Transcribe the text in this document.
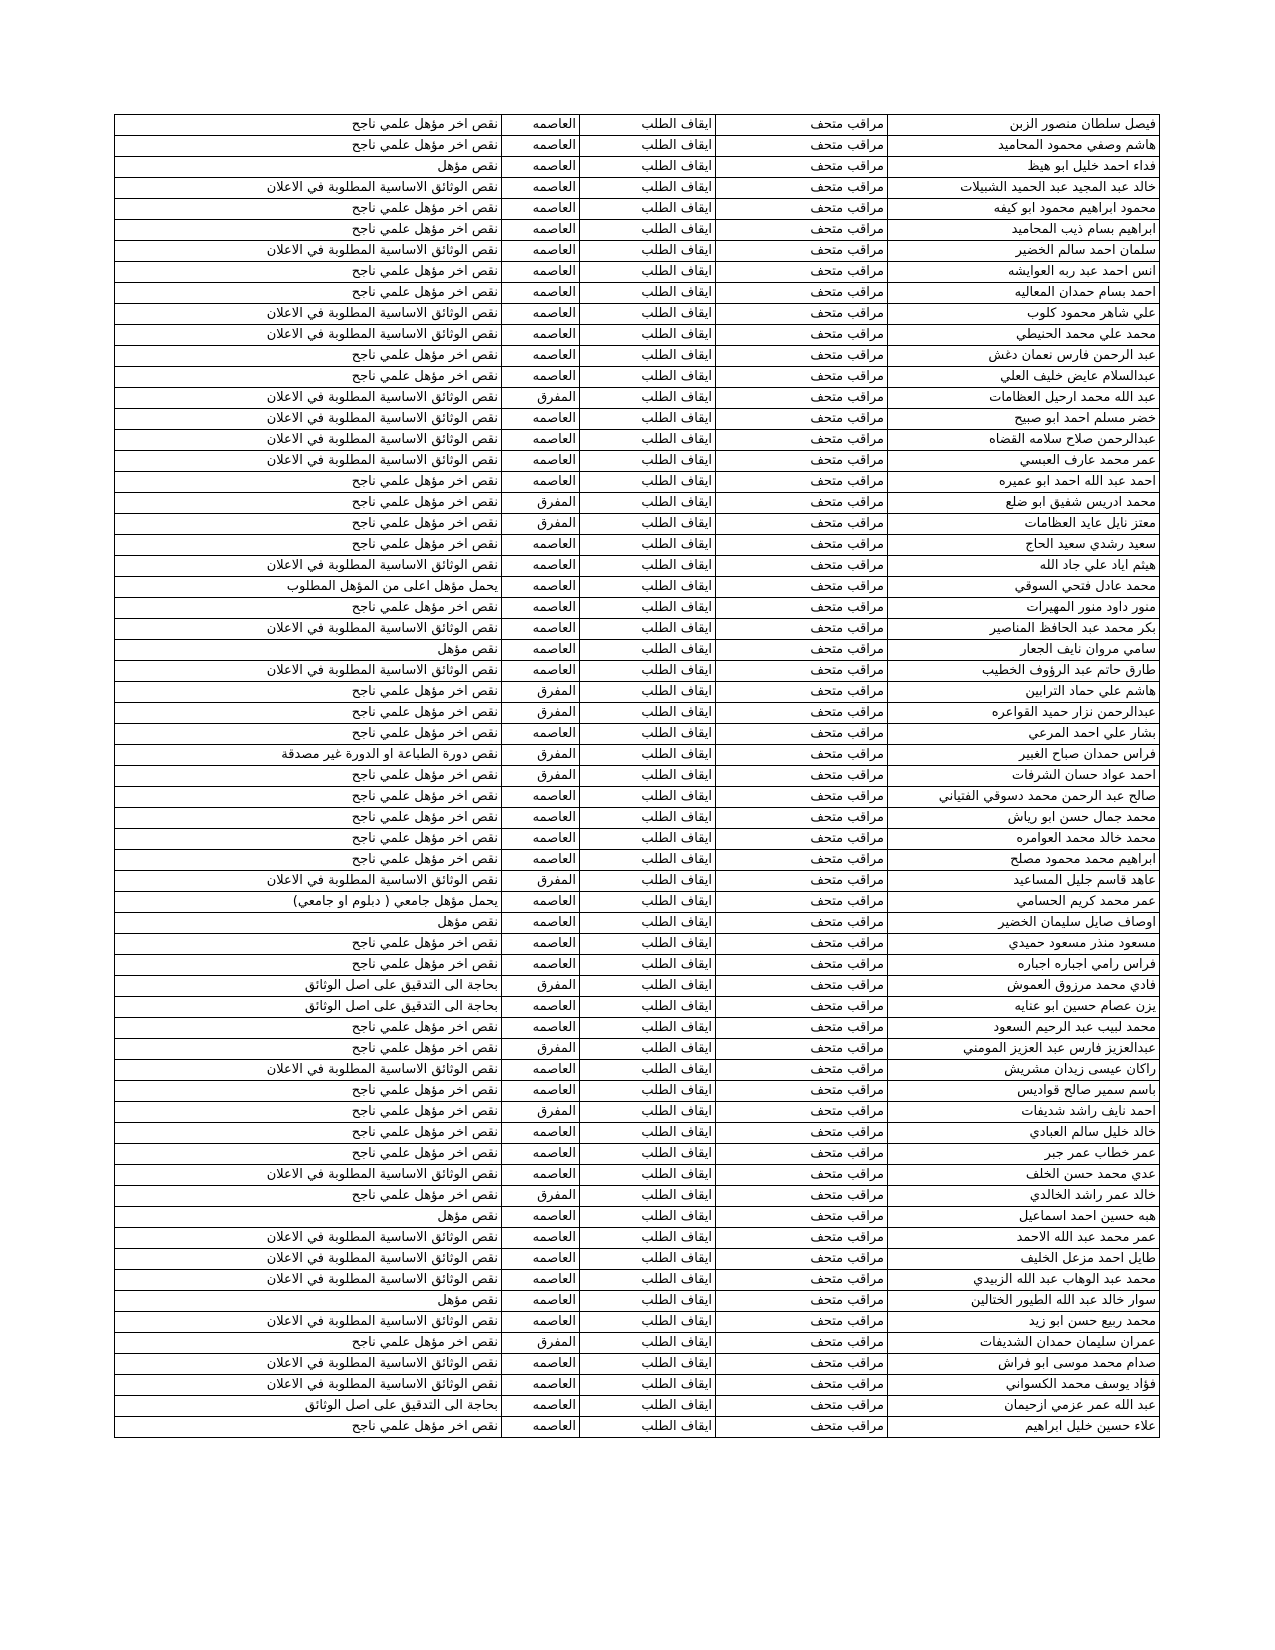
فيصل سلطان منصور الزبن	مراقب متحف	ايقاف الطلب	العاصمه	نقص اخر مؤهل علمي ناجح
هاشم وصفي محمود المحاميد	مراقب متحف	ايقاف الطلب	العاصمه	نقص اخر مؤهل علمي ناجح
فداء احمد خليل ابو هيظ	مراقب متحف	ايقاف الطلب	العاصمه	نقص مؤهل
خالد عبد المجيد عبد الحميد الشبيلات	مراقب متحف	ايقاف الطلب	العاصمه	نقص الوثائق الاساسية المطلوبة في الاعلان
محمود ابراهيم محمود ابو كيفه	مراقب متحف	ايقاف الطلب	العاصمه	نقص اخر مؤهل علمي ناجح
ابراهيم بسام ذيب المحاميد	مراقب متحف	ايقاف الطلب	العاصمه	نقص اخر مؤهل علمي ناجح
سلمان احمد سالم الخضير	مراقب متحف	ايقاف الطلب	العاصمه	نقص الوثائق الاساسية المطلوبة في الاعلان
انس احمد عبد ربه العوايشه	مراقب متحف	ايقاف الطلب	العاصمه	نقص اخر مؤهل علمي ناجح
احمد بسام حمدان المعاليه	مراقب متحف	ايقاف الطلب	العاصمه	نقص اخر مؤهل علمي ناجح
علي شاهر محمود كلوب	مراقب متحف	ايقاف الطلب	العاصمه	نقص الوثائق الاساسية المطلوبة في الاعلان
محمد علي محمد الحنيطي	مراقب متحف	ايقاف الطلب	العاصمه	نقص الوثائق الاساسية المطلوبة في الاعلان
عبد الرحمن فارس نعمان دغش	مراقب متحف	ايقاف الطلب	العاصمه	نقص اخر مؤهل علمي ناجح
عبدالسلام عايض خليف العلي	مراقب متحف	ايقاف الطلب	العاصمه	نقص اخر مؤهل علمي ناجح
عبد الله محمد ارحيل العظامات	مراقب متحف	ايقاف الطلب	المفرق	نقص الوثائق الاساسية المطلوبة في الاعلان
خضر مسلم احمد ابو صبيح	مراقب متحف	ايقاف الطلب	العاصمه	نقص الوثائق الاساسية المطلوبة في الاعلان
عبدالرحمن صلاح سلامه القضاه	مراقب متحف	ايقاف الطلب	العاصمه	نقص الوثائق الاساسية المطلوبة في الاعلان
عمر محمد عارف العبسي	مراقب متحف	ايقاف الطلب	العاصمه	نقص الوثائق الاساسية المطلوبة في الاعلان
احمد عبد الله احمد ابو عميره	مراقب متحف	ايقاف الطلب	العاصمه	نقص اخر مؤهل علمي ناجح
محمد ادريس شفيق ابو ضلع	مراقب متحف	ايقاف الطلب	المفرق	نقص اخر مؤهل علمي ناجح
معتز نايل عايد العظامات	مراقب متحف	ايقاف الطلب	المفرق	نقص اخر مؤهل علمي ناجح
سعيد رشدي سعيد الحاج	مراقب متحف	ايقاف الطلب	العاصمه	نقص اخر مؤهل علمي ناجح
هيثم اياد علي جاد الله	مراقب متحف	ايقاف الطلب	العاصمه	نقص الوثائق الاساسية المطلوبة في الاعلان
محمد عادل فتحي السوقي	مراقب متحف	ايقاف الطلب	العاصمه	يحمل مؤهل اعلى من المؤهل المطلوب
منور داود منور المهيرات	مراقب متحف	ايقاف الطلب	العاصمه	نقص اخر مؤهل علمي ناجح
بكر محمد عبد الحافظ المناصير	مراقب متحف	ايقاف الطلب	العاصمه	نقص الوثائق الاساسية المطلوبة في الاعلان
سامي مروان نايف الجعار	مراقب متحف	ايقاف الطلب	العاصمه	نقص مؤهل
طارق حاتم عبد الرؤوف الخطيب	مراقب متحف	ايقاف الطلب	العاصمه	نقص الوثائق الاساسية المطلوبة في الاعلان
هاشم علي حماد الترابين	مراقب متحف	ايقاف الطلب	المفرق	نقص اخر مؤهل علمي ناجح
عبدالرحمن نزار حميد القواعره	مراقب متحف	ايقاف الطلب	المفرق	نقص اخر مؤهل علمي ناجح
بشار علي احمد المرعي	مراقب متحف	ايقاف الطلب	العاصمه	نقص اخر مؤهل علمي ناجح
فراس حمدان صباح الغبير	مراقب متحف	ايقاف الطلب	المفرق	نقص دورة الطباعة او الدورة غير مصدقة
احمد عواد حسان الشرفات	مراقب متحف	ايقاف الطلب	المفرق	نقص اخر مؤهل علمي ناجح
صالح عبد الرحمن محمد دسوقي الفتياني	مراقب متحف	ايقاف الطلب	العاصمه	نقص اخر مؤهل علمي ناجح
محمد جمال حسن ابو رياش	مراقب متحف	ايقاف الطلب	العاصمه	نقص اخر مؤهل علمي ناجح
محمد خالد محمد العوامره	مراقب متحف	ايقاف الطلب	العاصمه	نقص اخر مؤهل علمي ناجح
ابراهيم محمد محمود مصلح	مراقب متحف	ايقاف الطلب	العاصمه	نقص اخر مؤهل علمي ناجح
عاهد قاسم جليل المساعيد	مراقب متحف	ايقاف الطلب	المفرق	نقص الوثائق الاساسية المطلوبة في الاعلان
عمر محمد كريم الحسامي	مراقب متحف	ايقاف الطلب	العاصمه	يحمل مؤهل جامعي ( دبلوم او جامعي)
اوصاف صايل سليمان الخضير	مراقب متحف	ايقاف الطلب	العاصمه	نقص مؤهل
مسعود منذر مسعود حميدي	مراقب متحف	ايقاف الطلب	العاصمه	نقص اخر مؤهل علمي ناجح
فراس رامي اجباره اجباره	مراقب متحف	ايقاف الطلب	العاصمه	نقص اخر مؤهل علمي ناجح
فادي محمد مرزوق العموش	مراقب متحف	ايقاف الطلب	المفرق	بحاجة الى التدقيق على اصل الوثائق
يزن عصام حسين ابو عنايه	مراقب متحف	ايقاف الطلب	العاصمه	بحاجة الى التدقيق على اصل الوثائق
محمد لبيب عبد الرحيم السعود	مراقب متحف	ايقاف الطلب	العاصمه	نقص اخر مؤهل علمي ناجح
عبدالعزيز فارس عبد العزيز المومني	مراقب متحف	ايقاف الطلب	المفرق	نقص اخر مؤهل علمي ناجح
راكان عيسى زيدان مشريش	مراقب متحف	ايقاف الطلب	العاصمه	نقص الوثائق الاساسية المطلوبة في الاعلان
باسم سمير صالح قواديس	مراقب متحف	ايقاف الطلب	العاصمه	نقص اخر مؤهل علمي ناجح
احمد نايف راشد شديفات	مراقب متحف	ايقاف الطلب	المفرق	نقص اخر مؤهل علمي ناجح
خالد خليل سالم العبادي	مراقب متحف	ايقاف الطلب	العاصمه	نقص اخر مؤهل علمي ناجح
عمر خطاب عمر جبر	مراقب متحف	ايقاف الطلب	العاصمه	نقص اخر مؤهل علمي ناجح
عدي محمد حسن الخلف	مراقب متحف	ايقاف الطلب	العاصمه	نقص الوثائق الاساسية المطلوبة في الاعلان
خالد عمر راشد الخالدي	مراقب متحف	ايقاف الطلب	المفرق	نقص اخر مؤهل علمي ناجح
هبه حسين احمد اسماعيل	مراقب متحف	ايقاف الطلب	العاصمه	نقص مؤهل
عمر محمد عبد الله الاحمد	مراقب متحف	ايقاف الطلب	العاصمه	نقص الوثائق الاساسية المطلوبة في الاعلان
طايل احمد مزعل الخليف	مراقب متحف	ايقاف الطلب	العاصمه	نقص الوثائق الاساسية المطلوبة في الاعلان
محمد عبد الوهاب عبد الله الزبيدي	مراقب متحف	ايقاف الطلب	العاصمه	نقص الوثائق الاساسية المطلوبة في الاعلان
سوار خالد عبد الله الطيور الختالين	مراقب متحف	ايقاف الطلب	العاصمه	نقص مؤهل
محمد ربيع حسن ابو زيد	مراقب متحف	ايقاف الطلب	العاصمه	نقص الوثائق الاساسية المطلوبة في الاعلان
عمران سليمان حمدان الشديفات	مراقب متحف	ايقاف الطلب	المفرق	نقص اخر مؤهل علمي ناجح
صدام محمد موسى ابو فراش	مراقب متحف	ايقاف الطلب	العاصمه	نقص الوثائق الاساسية المطلوبة في الاعلان
فؤاد يوسف محمد الكسواني	مراقب متحف	ايقاف الطلب	العاصمه	نقص الوثائق الاساسية المطلوبة في الاعلان
عبد الله عمر عزمي ازحيمان	مراقب متحف	ايقاف الطلب	العاصمه	بحاجة الى التدقيق على اصل الوثائق
علاء حسين خليل ابراهيم	مراقب متحف	ايقاف الطلب	العاصمه	نقص اخر مؤهل علمي ناجح
